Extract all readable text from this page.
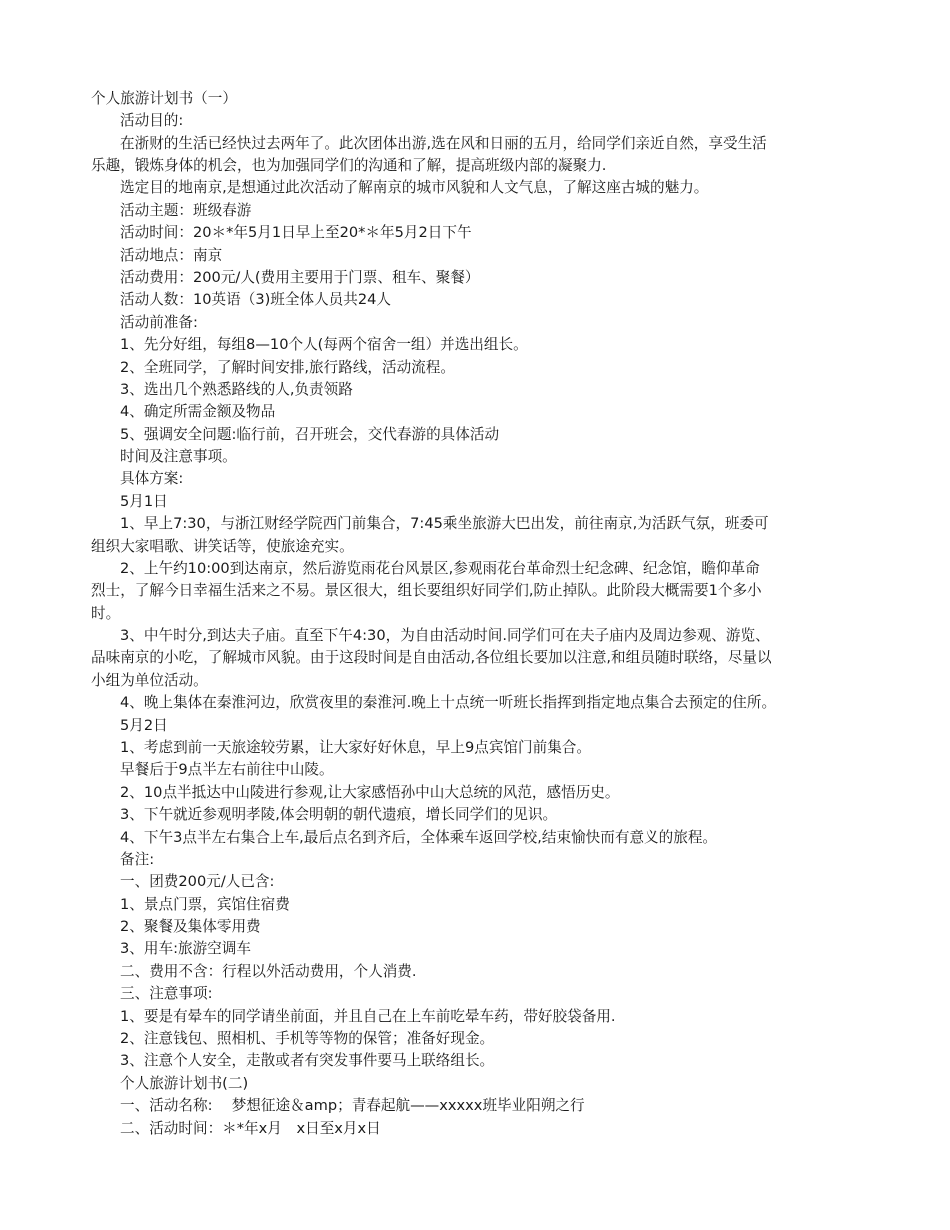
个人旅游计划书（一）
活动目的:
在浙财的生活已经快过去两年了。此次团体出游,选在风和日丽的五月，给同学们亲近自然，享受生活
乐趣，锻炼身体的机会，也为加强同学们的沟通和了解，提高班级内部的凝聚力.
选定目的地南京,是想通过此次活动了解南京的城市风貌和人文气息，了解这座古城的魅力。
活动主题：班级春游
活动时间：20＊*年5月1日早上至20*＊年5月2日下午
活动地点：南京
活动费用：200元/人(费用主要用于门票、租车、聚餐）
活动人数：10英语（3)班全体人员共24人
活动前准备:
1、先分好组，每组8—10个人(每两个宿舍一组）并选出组长。
2、全班同学，了解时间安排,旅行路线，活动流程。
3、选出几个熟悉路线的人,负责领路
4、确定所需金额及物品
5、强调安全问题:临行前，召开班会，交代春游的具体活动
时间及注意事项。
具体方案:
5月1日
1、早上7:30，与浙江财经学院西门前集合，7:45乘坐旅游大巴出发，前往南京,为活跃气氛，班委可
组织大家唱歌、讲笑话等，使旅途充实。
2、上午约10:00到达南京，然后游览雨花台风景区,参观雨花台革命烈士纪念碑、纪念馆，瞻仰革命
烈士，了解今日幸福生活来之不易。景区很大，组长要组织好同学们,防止掉队。此阶段大概需要1个多小
时。
3、中午时分,到达夫子庙。直至下午4:30，为自由活动时间.同学们可在夫子庙内及周边参观、游览、
品味南京的小吃，了解城市风貌。由于这段时间是自由活动,各位组长要加以注意,和组员随时联络，尽量以
小组为单位活动。
4、晚上集体在秦淮河边，欣赏夜里的秦淮河.晚上十点统一听班长指挥到指定地点集合去预定的住所。
5月2日
1、考虑到前一天旅途较劳累，让大家好好休息，早上9点宾馆门前集合。
早餐后于9点半左右前往中山陵。
2、10点半抵达中山陵进行参观,让大家感悟孙中山大总统的风范，感悟历史。
3、下午就近参观明孝陵,体会明朝的朝代遗痕，增长同学们的见识。
4、下午3点半左右集合上车,最后点名到齐后，全体乘车返回学校,结束愉快而有意义的旅程。
备注:
一、团费200元/人已含:
1、景点门票，宾馆住宿费
2、聚餐及集体零用费
3、用车:旅游空调车
二、费用不含：行程以外活动费用，个人消费.
三、注意事项:
1、要是有晕车的同学请坐前面，并且自己在上车前吃晕车药，带好胶袋备用.
2、注意钱包、照相机、手机等等物的保管；准备好现金。
3、注意个人安全，走散或者有突发事件要马上联络组长。
个人旅游计划书(二)
一、活动名称:　 梦想征途＆amp；青春起航——xxxxx班毕业阳朔之行
二、活动时间：＊*年x月　x日至x月x日
